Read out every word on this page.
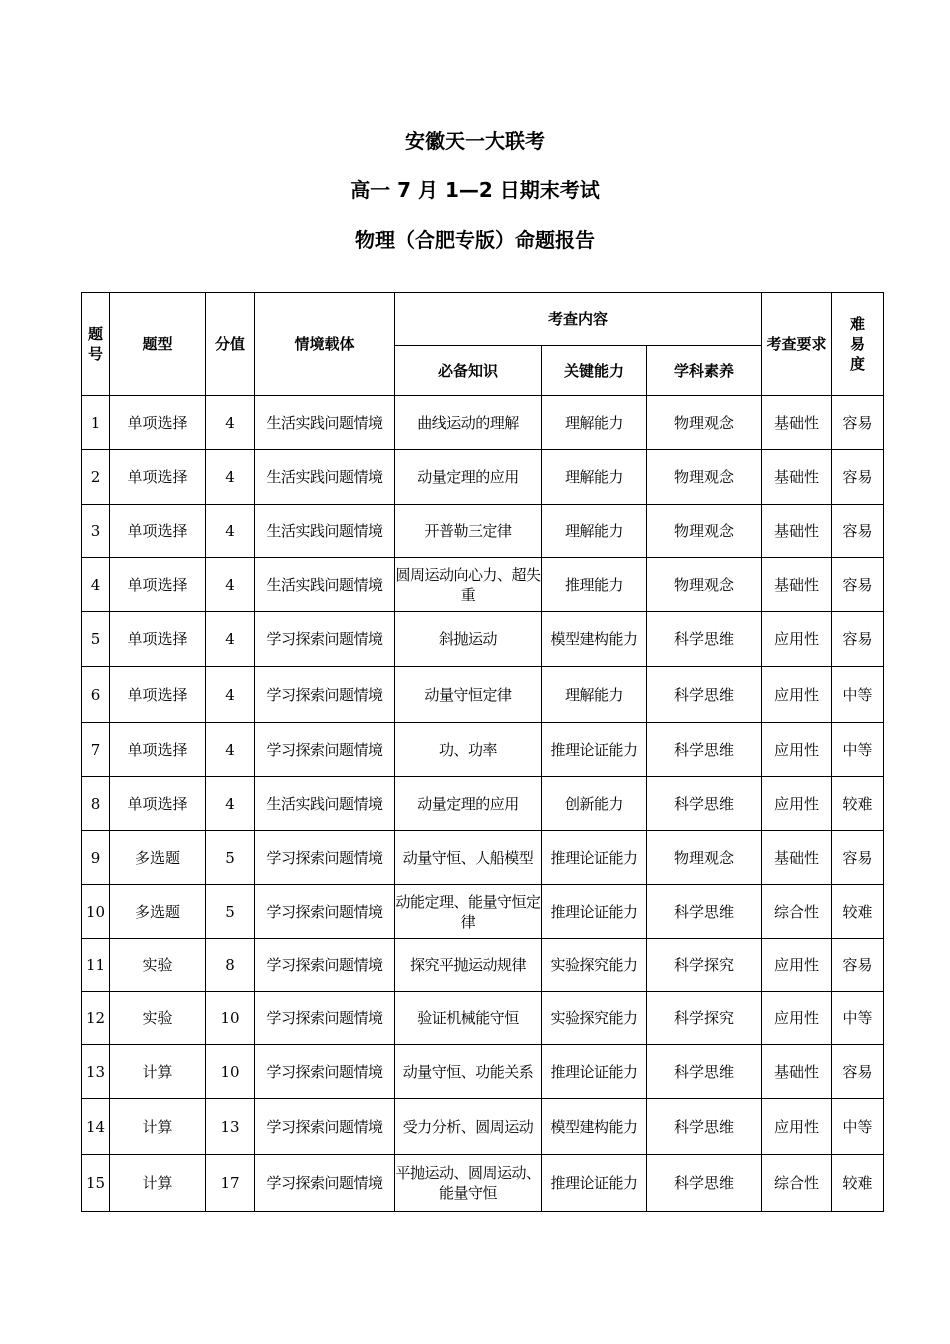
安徽天一大联考
高一 7 月 1—2 日期末考试
物理（合肥专版）命题报告
题
号	题型	分值	情境载体	考查内容			考查要求	难
易
度
				必备知识	关键能力	学科素养		
1	单项选择	4	生活实践问题情境	曲线运动的理解	理解能力	物理观念	基础性	容易
2	单项选择	4	生活实践问题情境	动量定理的应用	理解能力	物理观念	基础性	容易
3	单项选择	4	生活实践问题情境	开普勒三定律	理解能力	物理观念	基础性	容易
4	单项选择	4	生活实践问题情境	圆周运动向心力、超失重	推理能力	物理观念	基础性	容易
5	单项选择	4	学习探索问题情境	斜抛运动	模型建构能力	科学思维	应用性	容易
6	单项选择	4	学习探索问题情境	动量守恒定律	理解能力	科学思维	应用性	中等
7	单项选择	4	学习探索问题情境	功、功率	推理论证能力	科学思维	应用性	中等
8	单项选择	4	生活实践问题情境	动量定理的应用	创新能力	科学思维	应用性	较难
9	多选题	5	学习探索问题情境	动量守恒、人船模型	推理论证能力	物理观念	基础性	容易
10	多选题	5	学习探索问题情境	动能定理、能量守恒定律	推理论证能力	科学思维	综合性	较难
11	实验	8	学习探索问题情境	探究平抛运动规律	实验探究能力	科学探究	应用性	容易
12	实验	10	学习探索问题情境	验证机械能守恒	实验探究能力	科学探究	应用性	中等
13	计算	10	学习探索问题情境	动量守恒、功能关系	推理论证能力	科学思维	基础性	容易
14	计算	13	学习探索问题情境	受力分析、圆周运动	模型建构能力	科学思维	应用性	中等
15	计算	17	学习探索问题情境	平抛运动、圆周运动、能量守恒	推理论证能力	科学思维	综合性	较难
